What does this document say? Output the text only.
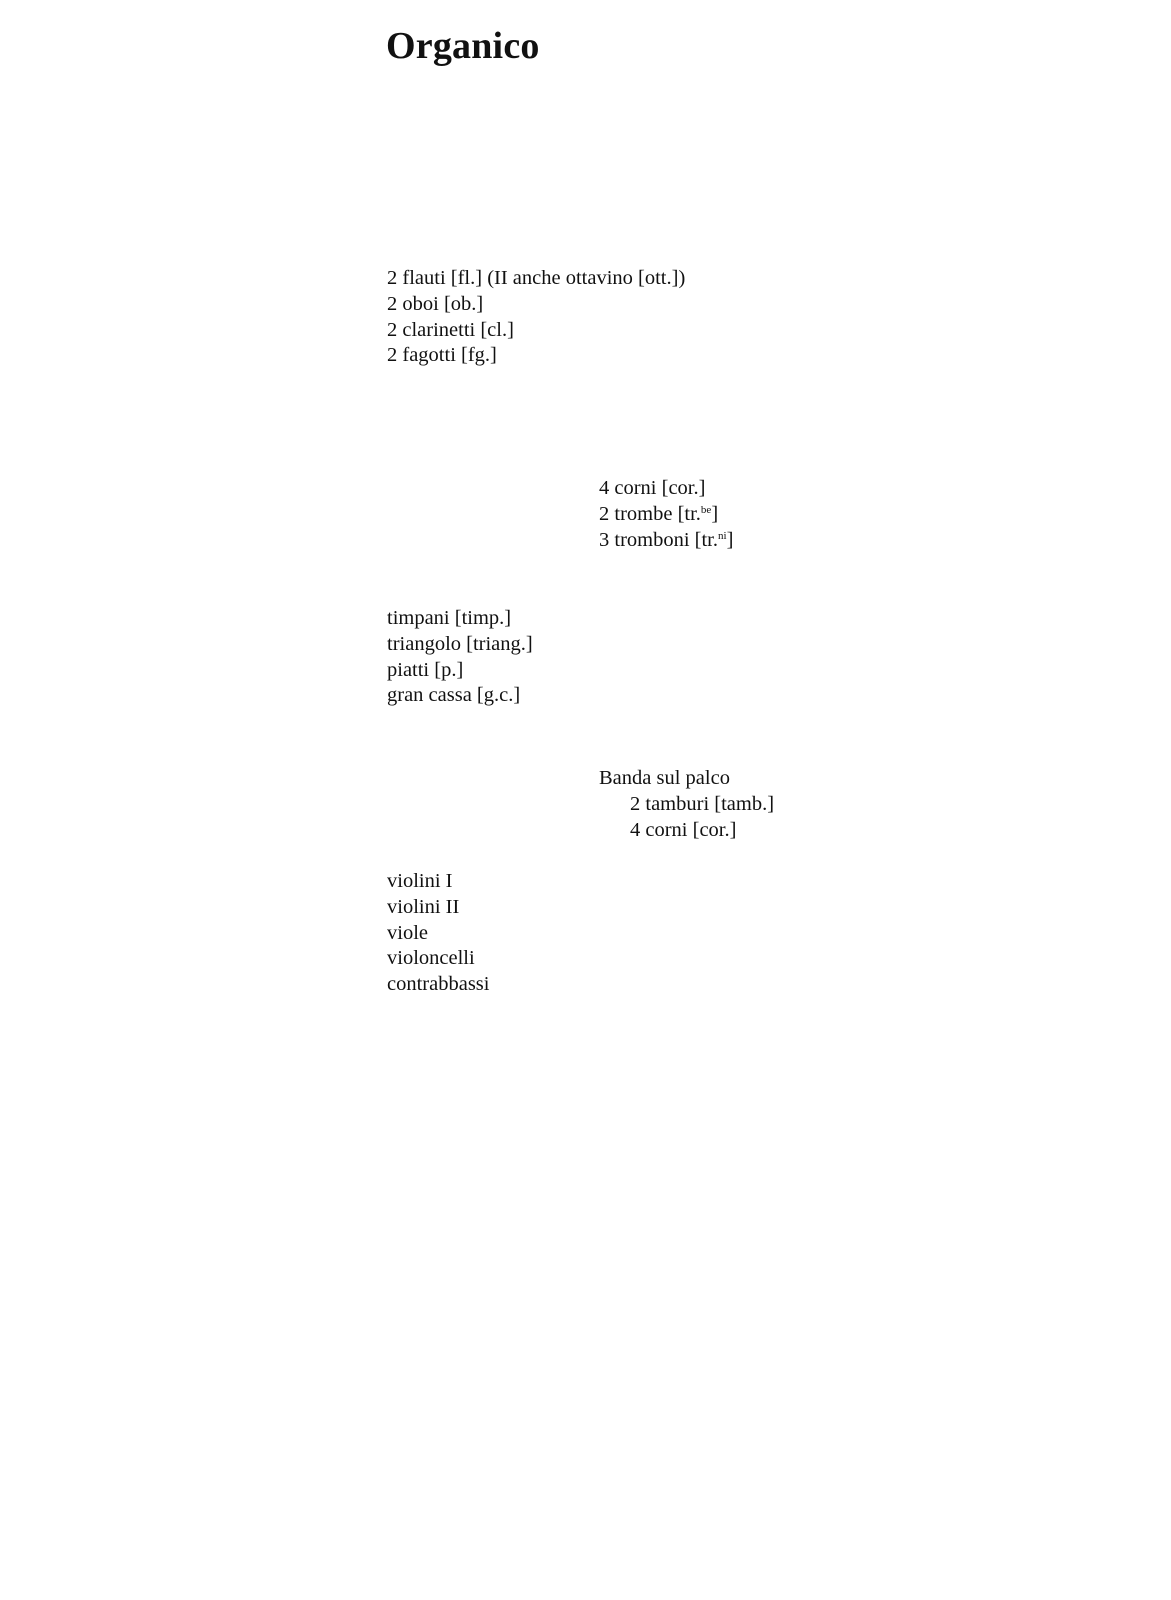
Organico
2 flauti [fl.] (II anche ottavino [ott.])
2 oboi [ob.]
2 clarinetti [cl.]
2 fagotti [fg.]
4 corni [cor.]
2 trombe [tr.$^{be}$]
3 tromboni [tr.$^{ni}$]
timpani [timp.]
triangolo [triang.]
piatti [p.]
gran cassa [g.c.]
Banda sul palco
2 tamburi [tamb.]
4 corni [cor.]
violini I
violini II
viole
violoncelli
contrabbassi
